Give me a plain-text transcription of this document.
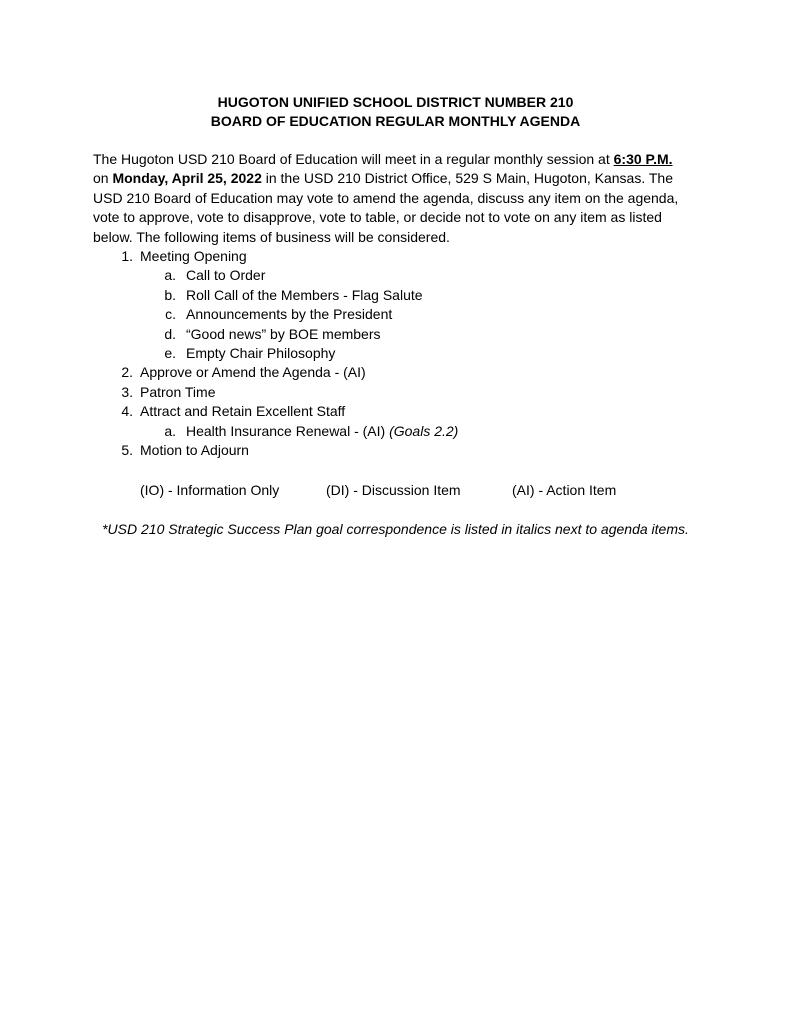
HUGOTON UNIFIED SCHOOL DISTRICT NUMBER 210
BOARD OF EDUCATION REGULAR MONTHLY AGENDA
The Hugoton USD 210 Board of Education will meet in a regular monthly session at 6:30 P.M.
on Monday, April 25, 2022 in the USD 210 District Office, 529 S Main, Hugoton, Kansas. The
USD 210 Board of Education may vote to amend the agenda, discuss any item on the agenda,
vote to approve, vote to disapprove, vote to table, or decide not to vote on any item as listed
below. The following items of business will be considered.
1. Meeting Opening
a. Call to Order
b. Roll Call of the Members - Flag Salute
c. Announcements by the President
d. “Good news” by BOE members
e. Empty Chair Philosophy
2. Approve or Amend the Agenda - (AI)
3. Patron Time
4. Attract and Retain Excellent Staff
a. Health Insurance Renewal - (AI) (Goals 2.2)
5. Motion to Adjourn
(IO) - Information Only	(DI) - Discussion Item	(AI) - Action Item
*USD 210 Strategic Success Plan goal correspondence is listed in italics next to agenda items.
